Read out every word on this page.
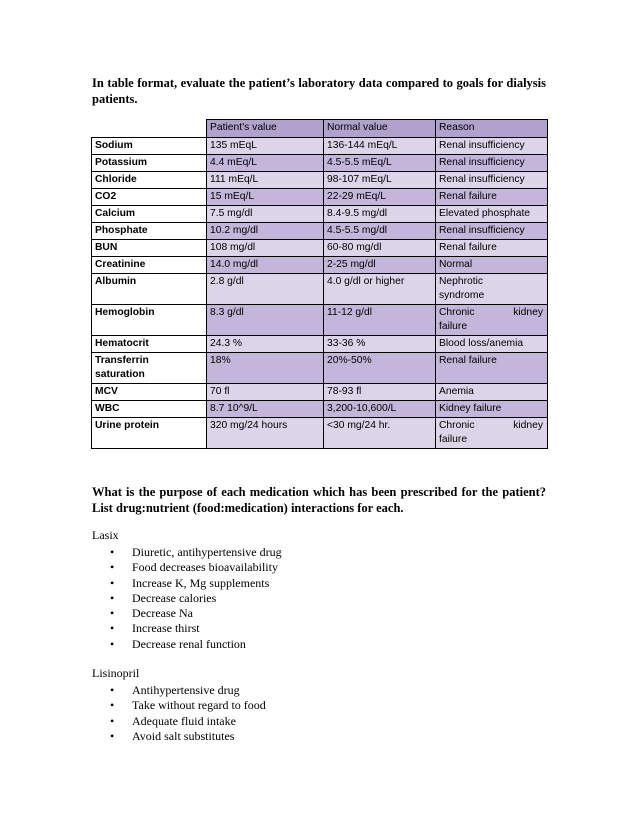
In table format, evaluate the patient’s laboratory data compared to goals for dialysis patients.

	Patient’s value	Normal value	Reason
Sodium	135 mEqL	136-144 mEq/L	Renal insufficiency
Potassium	4.4 mEq/L	4.5-5.5 mEq/L	Renal insufficiency
Chloride	111 mEq/L	98-107 mEq/L	Renal insufficiency
CO2	15 mEq/L	22-29 mEq/L	Renal failure
Calcium	7.5 mg/dl	8.4-9.5 mg/dl	Elevated phosphate
Phosphate	10.2 mg/dl	4.5-5.5 mg/dl	Renal insufficiency
BUN	108 mg/dl	60-80 mg/dl	Renal failure
Creatinine	14.0 mg/dl	2-25 mg/dl	Normal
Albumin	2.8 g/dl	4.0 g/dl or higher	Nephrotic
syndrome

Hemoglobin	8.3 g/dl	11-12 g/dl	Chronic kidney
failure

Hematocrit	24.3 %	33-36 %	Blood loss/anemia

Transferrin
saturation	18%	20%-50%	Renal failure
MCV	70 fl	78-93 fl	Anemia
WBC	8.7 10^9/L	3,200-10,600/L	Kidney failure
Urine protein	320 mg/24 hours	<30 mg/24 hr.	Chronic kidney
failure

What is the purpose of each medication which has been prescribed for the patient? List drug:nutrient (food:medication) interactions for each.

Lasix

• Diuretic, antihypertensive drug
• Food decreases bioavailability
• Increase K, Mg supplements
• Decrease calories
• Decrease Na
• Increase thirst
• Decrease renal function

Lisinopril

• Antihypertensive drug
• Take without regard to food
• Adequate fluid intake
• Avoid salt substitutes
